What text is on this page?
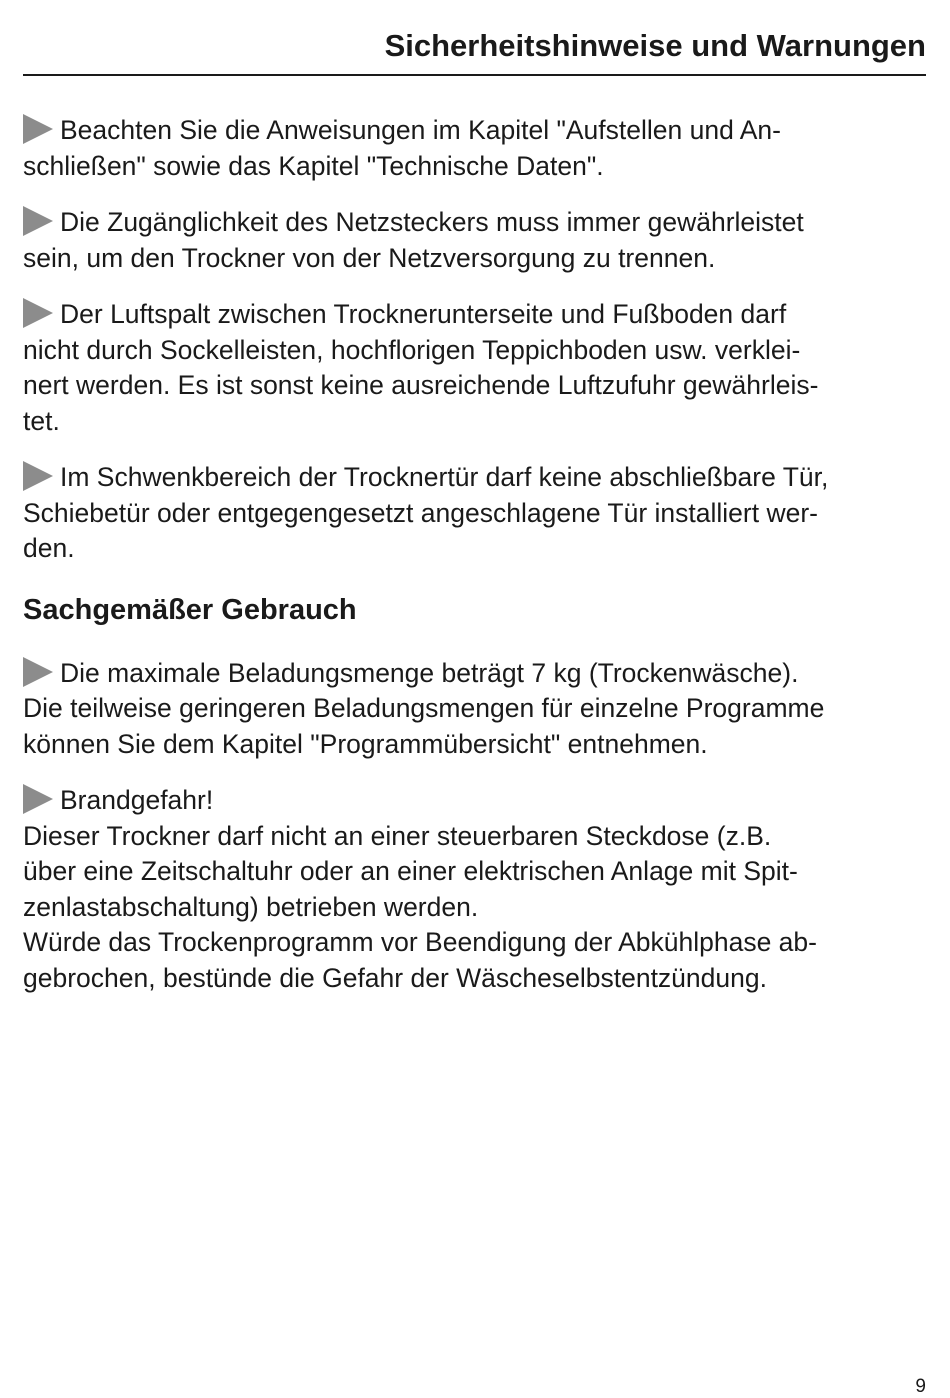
Sicherheitshinweise und Warnungen

Beachten Sie die Anweisungen im Kapitel "Aufstellen und An-
schließen" sowie das Kapitel "Technische Daten".

Die Zugänglichkeit des Netzsteckers muss immer gewährleistet
sein, um den Trockner von der Netzversorgung zu trennen.

Der Luftspalt zwischen Trocknerunterseite und Fußboden darf
nicht durch Sockelleisten, hochflorigen Teppichboden usw. verklei-
nert werden. Es ist sonst keine ausreichende Luftzufuhr gewährleis-
tet.

Im Schwenkbereich der Trocknertür darf keine abschließbare Tür,
Schiebetür oder entgegengesetzt angeschlagene Tür installiert wer-
den.

Sachgemäßer Gebrauch

Die maximale Beladungsmenge beträgt 7 kg (Trockenwäsche).
Die teilweise geringeren Beladungsmengen für einzelne Programme
können Sie dem Kapitel "Programmübersicht" entnehmen.

Brandgefahr!
Dieser Trockner darf nicht an einer steuerbaren Steckdose (z.B.
über eine Zeitschaltuhr oder an einer elektrischen Anlage mit Spit-
zenlastabschaltung) betrieben werden.
Würde das Trockenprogramm vor Beendigung der Abkühlphase ab-
gebrochen, bestünde die Gefahr der Wäscheselbstentzündung.

9
